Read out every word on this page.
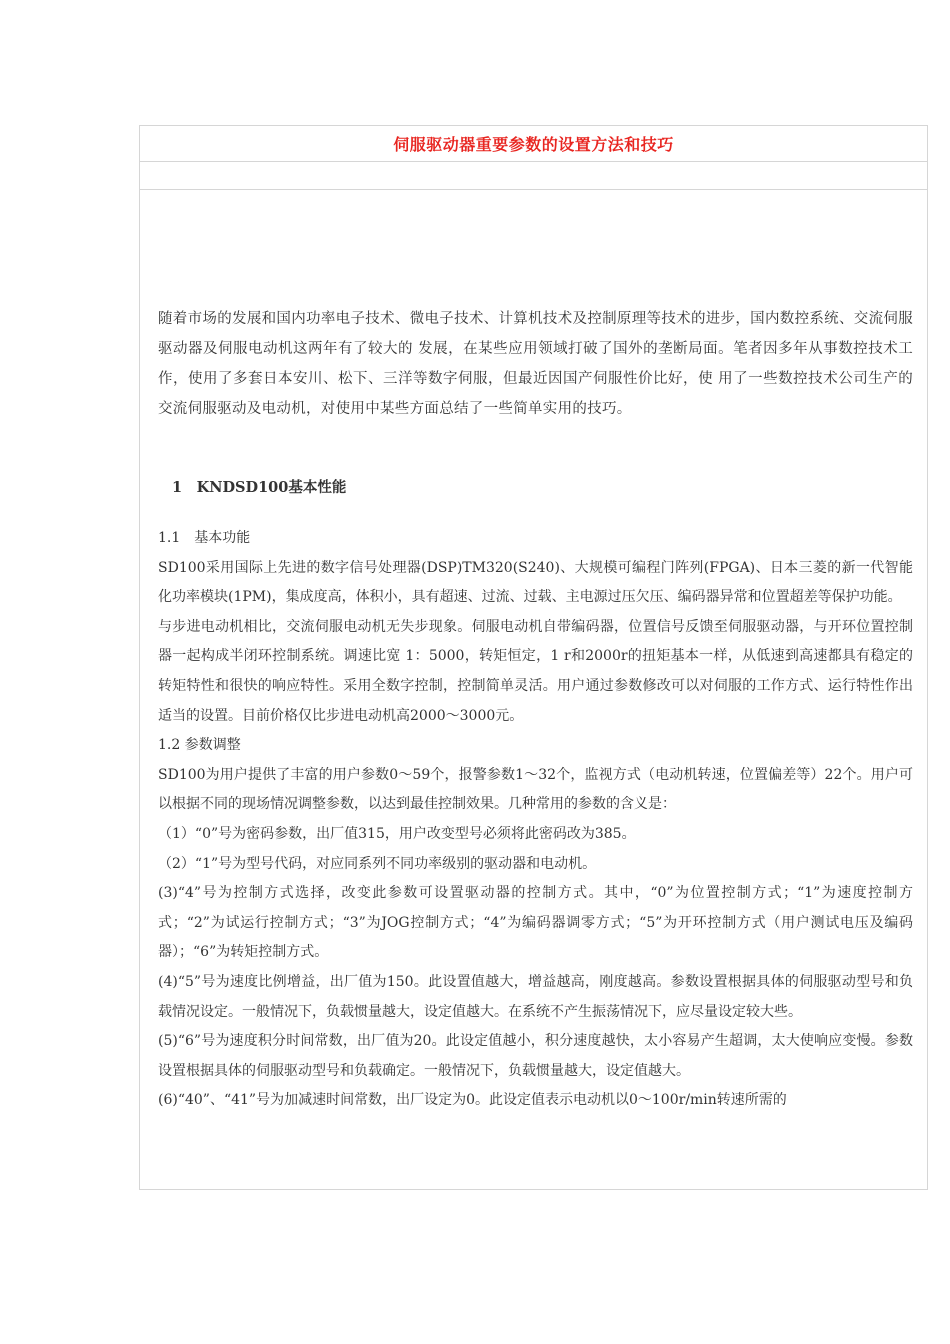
伺服驱动器重要参数的设置方法和技巧
随着市场的发展和国内功率电子技术、微电子技术、计算机技术及控制原理等技术的进步，国内数控系统、交流伺服驱动器及伺服电动机这两年有了较大的 发展，在某些应用领域打破了国外的垄断局面。笔者因多年从事数控技术工作，使用了多套日本安川、松下、三洋等数字伺服，但最近因国产伺服性价比好，使 用了一些数控技术公司生产的交流伺服驱动及电动机，对使用中某些方面总结了一些简单实用的技巧。
1　KNDSD100基本性能

1.1　基本功能

SD100采用国际上先进的数字信号处理器(DSP)TM320(S240)、大规模可编程门阵列(FPGA)、日本三菱的新一代智能化功率模块(1PM)，集成度高，体积小，具有超速、过流、过载、主电源过压欠压、编码器异常和位置超差等保护功能。

与步进电动机相比，交流伺服电动机无失步现象。伺服电动机自带编码器，位置信号反馈至伺服驱动器，与开环位置控制器一起构成半闭环控制系统。调速比宽 1：5000，转矩恒定，1 r和2000r的扭矩基本一样，从低速到高速都具有稳定的转矩特性和很快的响应特性。采用全数字控制，控制简单灵活。用户通过参数修改可以对伺服的工作方式、运行特性作出适当的设置。目前价格仅比步进电动机高2000～3000元。

1.2 参数调整

SD100为用户提供了丰富的用户参数0～59个，报警参数1～32个，监视方式（电动机转速，位置偏差等）22个。用户可以根据不同的现场情况调整参数，以达到最佳控制效果。几种常用的参数的含义是：

（1）“0”号为密码参数，出厂值315，用户改变型号必须将此密码改为385。

（2）“1”号为型号代码，对应同系列不同功率级别的驱动器和电动机。

(3)“4”号为控制方式选择，改变此参数可设置驱动器的控制方式。其中，“0”为位置控制方式；“1”为速度控制方式；“2”为试运行控制方式；“3”为JOG控制方式；“4”为编码器调零方式；“5”为开环控制方式（用户测试电压及编码器）；“6”为转矩控制方式。

(4)“5”号为速度比例增益，出厂值为150。此设置值越大，增益越高，刚度越高。参数设置根据具体的伺服驱动型号和负载情况设定。一般情况下，负载惯量越大，设定值越大。在系统不产生振荡情况下，应尽量设定较大些。

(5)“6”号为速度积分时间常数，出厂值为20。此设定值越小，积分速度越快，太小容易产生超调，太大使响应变慢。参数设置根据具体的伺服驱动型号和负载确定。一般情况下，负载惯量越大，设定值越大。

(6)“40”、“41”号为加减速时间常数，出厂设定为0。此设定值表示电动机以0～100r/min转速所需的
